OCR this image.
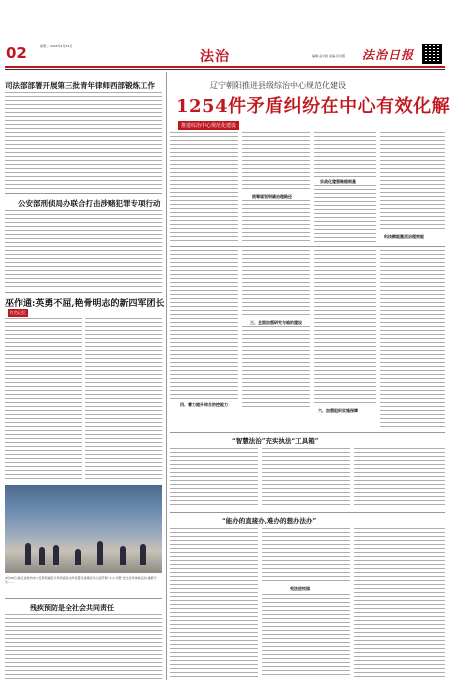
02	星期二 2025年4月29日
法治	编辑:孟令鸥 美编:李洪霞	法治日报
司法部部署开展第三批青年律师西部锻炼工作
公安部刑侦局办联合打击涉赌犯罪专项行动
巫作通:英勇不屈,艳骨明志的新四军团长
红色记忆
4月26日,浙江省杭州市公安局西湖区分局西溪派出所民警走进辖区幼儿园开展“小小交警”安全宣传体验活动,寓教于乐……
残疾预防是全社会共同责任
辽宁朝阳推进县级综治中心规范化建设
1254件矛盾纠纷在中心有效化解
推进综治中心规范化建设
统筹谋划明确治理路径
实战化建强维稳根基
科技赋能激活治理效能
四、着力提升综合防控能力
三、全面加强研究与暗的建设
六、加强组织实施保障
“智慧法治”充实执法“工具箱”
“能办的直接办,难办的想办法办”
宪法进校园
